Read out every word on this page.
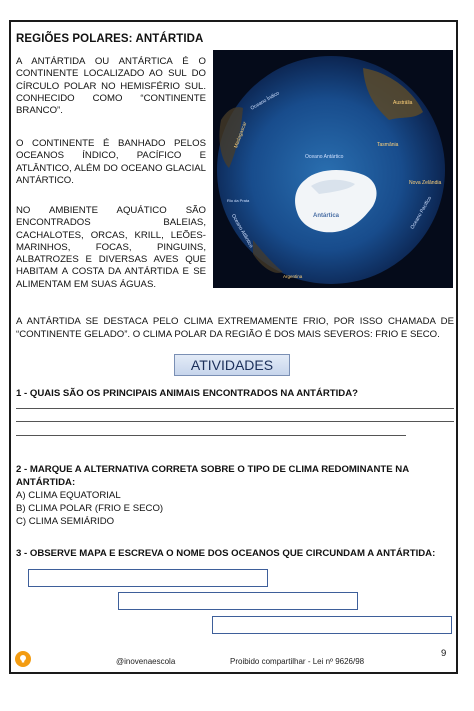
REGIÕES POLARES: ANTÁRTIDA
A ANTÁRTIDA OU ANTÁRTICA É O CONTINENTE LOCALIZADO AO SUL DO CÍRCULO POLAR NO HEMISFÉRIO SUL. CONHECIDO COMO “CONTINENTE BRANCO”.
O CONTINENTE É BANHADO PELOS OCEANOS ÍNDICO, PACÍFICO E ATLÂNTICO, ALÉM DO OCEANO GLACIAL ANTÁRTICO.
NO AMBIENTE AQUÁTICO SÃO ENCONTRADOS BALEIAS, CACHALOTES, ORCAS, KRILL, LEÕES-MARINHOS, FOCAS, PINGUINS, ALBATROZES E DIVERSAS AVES QUE HABITAM A COSTA DA ANTÁRTIDA E SE ALIMENTAM EM SUAS ÁGUAS.
Oceano Índico
Oceano Antártico
Antártica	Oceano Pacífico
Oceano Atlântico
Austrália
Tasmânia
Nova Zelândia
Madagascar
Rio da Prata
Argentina
A ANTÁRTIDA SE DESTACA PELO CLIMA EXTREMAMENTE FRIO, POR ISSO CHAMADA DE “CONTINENTE GELADO”. O CLIMA POLAR DA REGIÃO É DOS MAIS SEVEROS: FRIO E SECO.
ATIVIDADES
1 - QUAIS SÃO OS PRINCIPAIS ANIMAIS ENCONTRADOS NA ANTÁRTIDA?
2 - MARQUE A ALTERNATIVA CORRETA SOBRE O TIPO DE CLIMA REDOMINANTE NA
ANTÁRTIDA:
A) CLIMA EQUATORIAL
B) CLIMA POLAR (FRIO E SECO)
C) CLIMA SEMIÁRIDO
3 - OBSERVE MAPA E ESCREVA O NOME DOS OCEANOS QUE CIRCUNDAM A ANTÁRTIDA:
9
@inovenaescola	Proibido compartilhar - Lei nº 9626/98
